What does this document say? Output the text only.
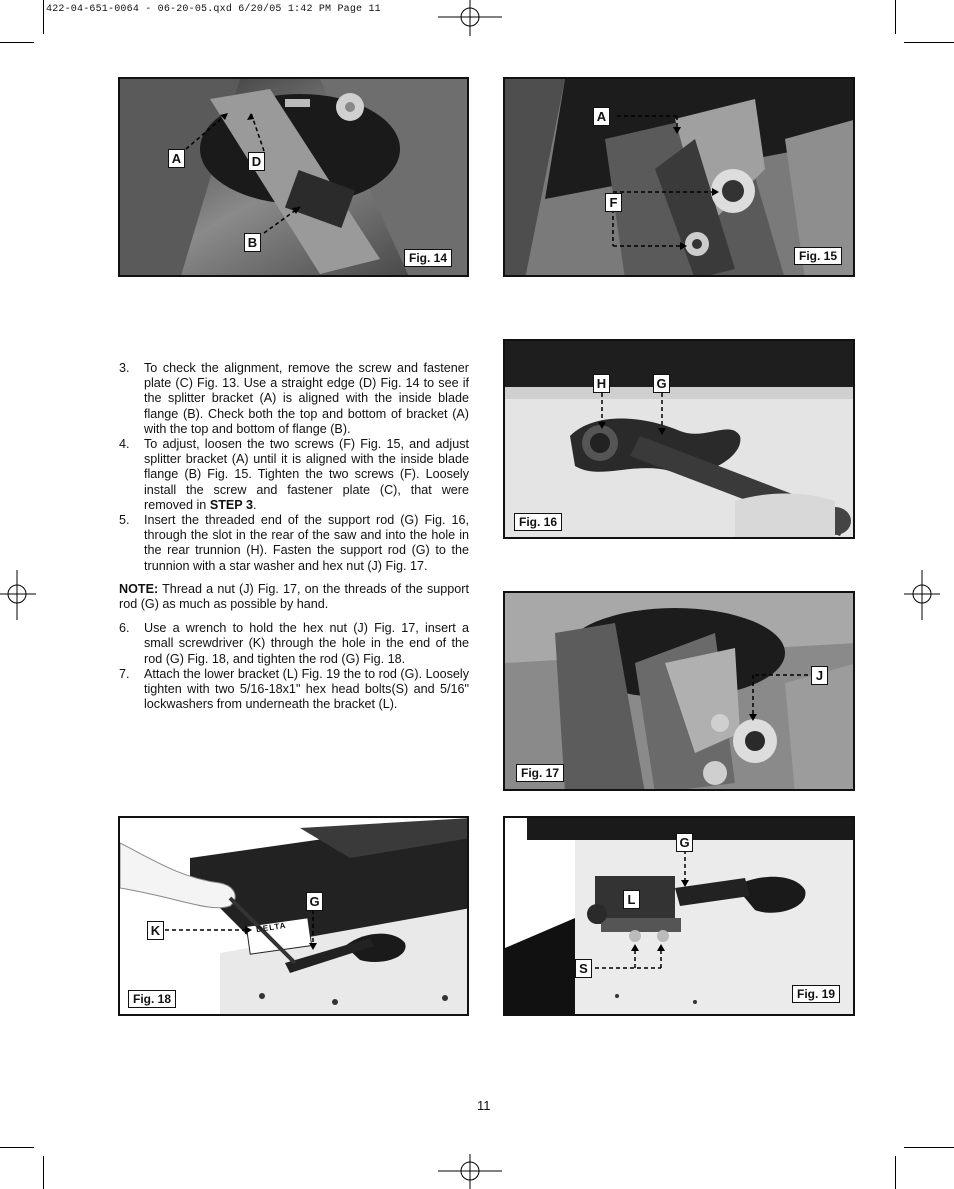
422-04-651-0064 - 06-20-05.qxd 6/20/05 1:42 PM Page 11
A	D
B
Fig. 14
A
F
Fig. 15
H	G
Fig. 16
J
Fig. 17
DELTA
G
K
Fig. 18
G
L
S
Fig. 19
3.	To check the alignment, remove the screw and fastener plate (C) Fig. 13. Use a straight edge (D) Fig. 14 to see if the splitter bracket (A) is aligned with the inside blade flange (B). Check both the top and bottom of bracket (A) with the top and bottom of flange (B).
4.	To adjust, loosen the two screws (F) Fig. 15, and adjust splitter bracket (A) until it is aligned with the inside blade flange (B) Fig. 15. Tighten the two screws (F). Loosely install the screw and fastener plate (C), that were removed in STEP 3.
5.	Insert the threaded end of the support rod (G) Fig. 16, through the slot in the rear of the saw and into the hole in the rear trunnion (H). Fasten the support rod (G) to the trunnion with a star washer and hex nut (J) Fig. 17.
NOTE: Thread a nut (J) Fig. 17, on the threads of the support rod (G) as much as possible by hand.
6.	Use a wrench to hold the hex nut (J) Fig. 17, insert a small screwdriver (K) through the hole in the end of the rod (G) Fig. 18, and tighten the rod (G) Fig. 18.
7.	Attach the lower bracket (L) Fig. 19 the to rod (G). Loosely tighten with two 5/16-18x1" hex head bolts(S) and 5/16" lockwashers from underneath the bracket (L).
11
